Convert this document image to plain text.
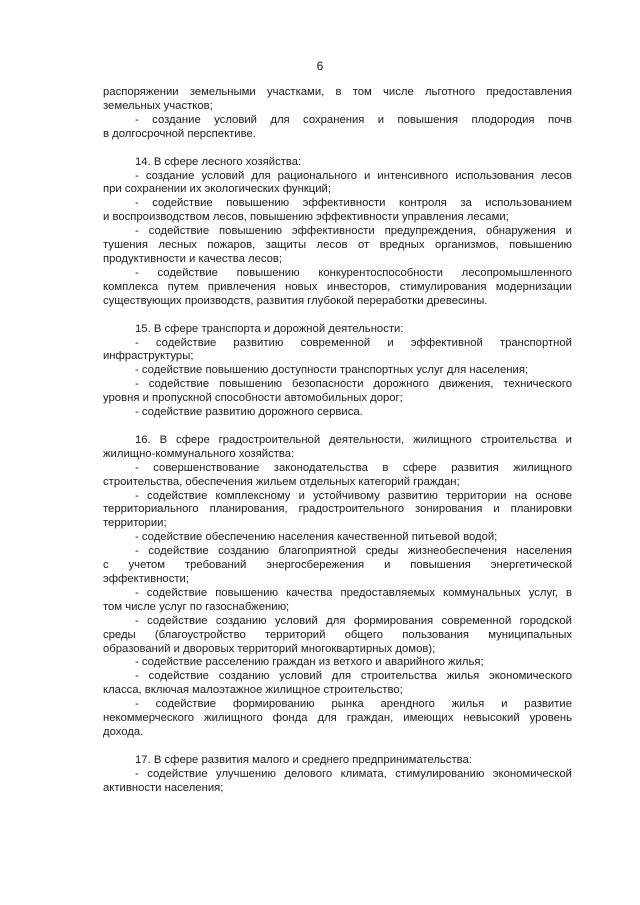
6

распоряжении земельными участками, в том числе льготного предоставления

земельных участков;

- создание условий для сохранения и повышения плодородия почв

в долгосрочной перспективе.

14. В сфере лесного хозяйства:

- создание условий для рационального и интенсивного использования лесов

при сохранении их экологических функций;

- содействие повышению эффективности контроля за использованием

и воспроизводством лесов, повышению эффективности управления лесами;

- содействие повышению эффективности предупреждения, обнаружения и

тушения лесных пожаров, защиты лесов от вредных организмов, повышению

продуктивности и качества лесов;

- содействие повышению конкурентоспособности лесопромышленного

комплекса путем привлечения новых инвесторов, стимулирования модернизации

существующих производств, развития глубокой переработки древесины.

15. В сфере транспорта и дорожной деятельности:

- содействие развитию современной и эффективной транспортной

инфраструктуры;

- содействие повышению доступности транспортных услуг для населения;

- содействие повышению безопасности дорожного движения, технического

уровня и пропускной способности автомобильных дорог;

- содействие развитию дорожного сервиса.

16. В сфере градостроительной деятельности, жилищного строительства и

жилищно-коммунального хозяйства:

- совершенствование законодательства в сфере развития жилищного

строительства, обеспечения жильем отдельных категорий граждан;

- содействие комплексному и устойчивому развитию территории на основе

территориального планирования, градостроительного зонирования и планировки

территории;

- содействие обеспечению населения качественной питьевой водой;

- содействие созданию благоприятной среды жизнеобеспечения населения

с учетом требований энергосбережения и повышения энергетической

эффективности;

- содействие повышению качества предоставляемых коммунальных услуг, в

том числе услуг по газоснабжению;

- содействие созданию условий для формирования современной городской

среды (благоустройство территорий общего пользования муниципальных

образований и дворовых территорий многоквартирных домов);

- содействие расселению граждан из ветхого и аварийного жилья;

- содействие созданию условий для строительства жилья экономического

класса, включая малоэтажное жилищное строительство;

- содействие формированию рынка арендного жилья и развитие

некоммерческого жилищного фонда для граждан, имеющих невысокий уровень

дохода.

17. В сфере развития малого и среднего предпринимательства:

- содействие улучшению делового климата, стимулированию экономической

активности населения;
